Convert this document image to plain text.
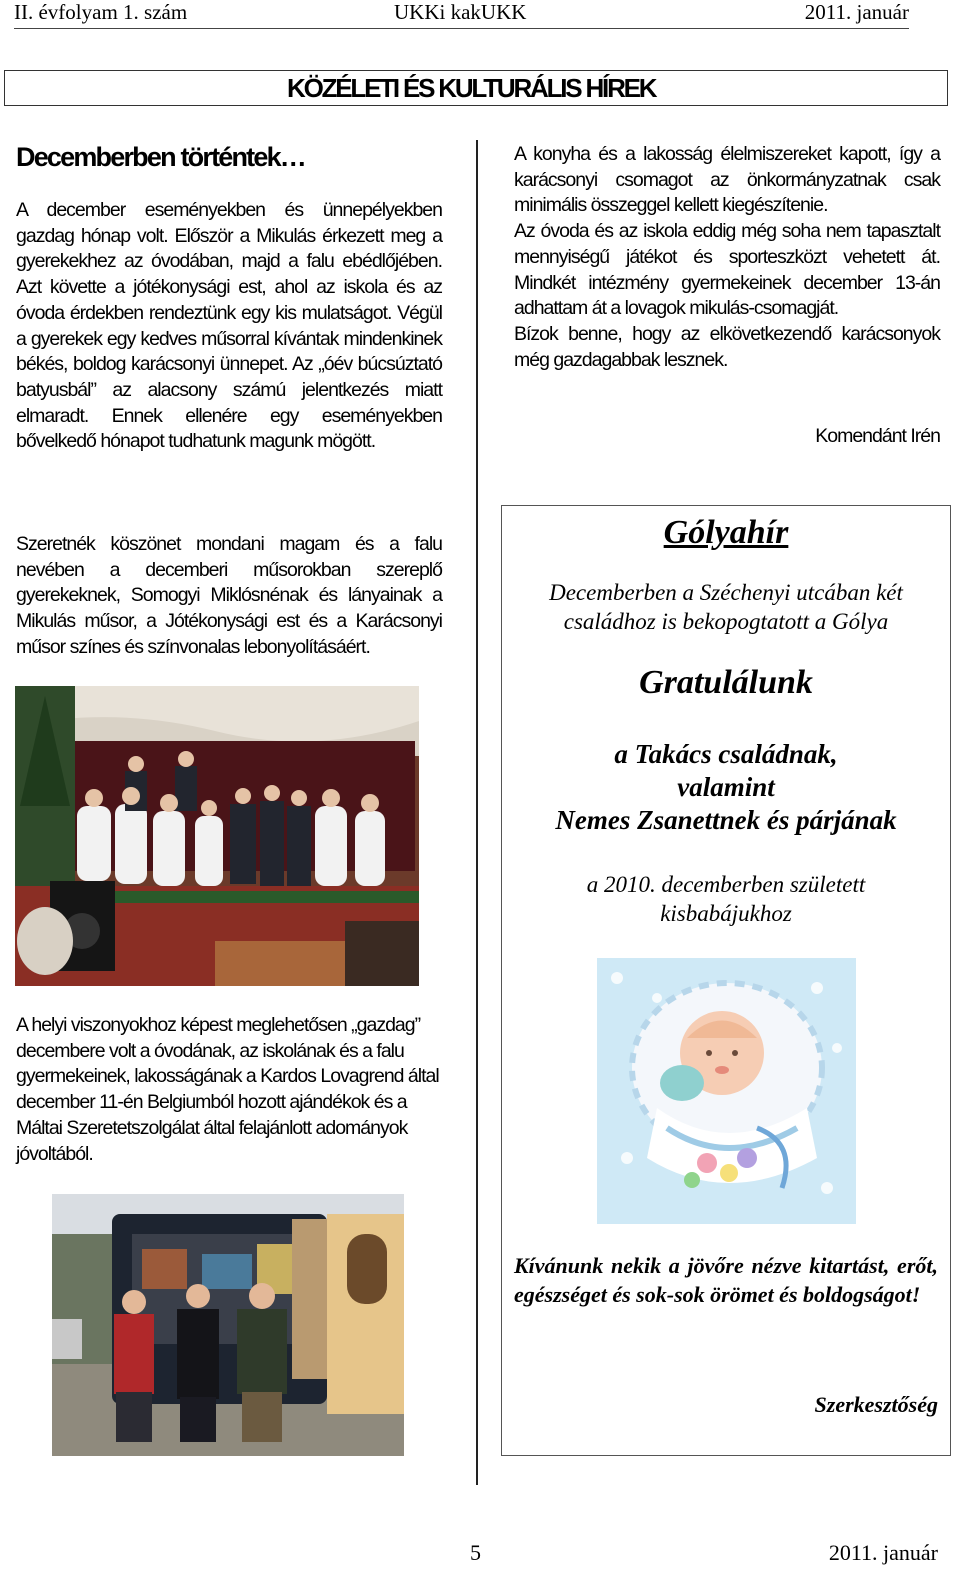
II. évfolyam 1. szám	UKKi kakUKK	2011. január
KÖZÉLETI ÉS KULTURÁLIS HÍREK
Decemberben történtek…

A december eseményekben és ünnepélyekben gazdag hónap volt. Először a Mikulás érkezett meg a gyerekekhez az óvodában, majd a falu ebédlőjében. Azt követte a jótékonysági est, ahol az iskola és az óvoda érdekben rendeztünk egy kis mulatságot. Végül a gyerekek egy kedves műsorral kívántak mindenkinek békés, boldog karácsonyi ünnepet. Az „óév búcsúztató batyusbál” az alacsony számú jelentkezés miatt elmaradt. Ennek ellenére egy eseményekben bővelkedő hónapot tudhatunk magunk mögött.

Szeretnék köszönet mondani magam és a falu nevében a decemberi műsorokban szereplő gyerekeknek, Somogyi Miklósnénak és lányainak a Mikulás műsor, a Jótékonysági est és a Karácsonyi műsor színes és színvonalas lebonyolításáért.

A helyi viszonyokhoz képest meglehetősen „gazdag” decembere volt a óvodának, az iskolának és a falu gyermekeinek, lakosságának a Kardos Lovagrend által december 11-én Belgiumból hozott ajándékok és a Máltai Szeretetszolgálat által felajánlott adományok jóvoltából.

A konyha és a lakosság élelmiszereket kapott, így a karácsonyi csomagot az önkormányzatnak csak minimális összeggel kellett kiegészítenie.

Az óvoda és az iskola eddig még soha nem tapasztalt mennyiségű játékot és sporteszközt vehetett át. Mindkét intézmény gyermekeinek december 13-án adhattam át a lovagok mikulás-csomagját.

Bízok benne, hogy az elkövetkezendő karácsonyok még gazdagabbak lesznek.

Komendánt Irén
Gólyahír
Decemberben a Széchenyi utcában két
családhoz is bekopogtatott a Gólya
Gratulálunk
a Takács családnak,
valamint
Nemes Zsanettnek és párjának
a 2010. decemberben született
kisbabájukhoz
Kívánunk nekik a jövőre nézve kitartást, erőt, egészséget és sok-sok örömet és boldogságot!
Szerkesztőség
5	2011. január
